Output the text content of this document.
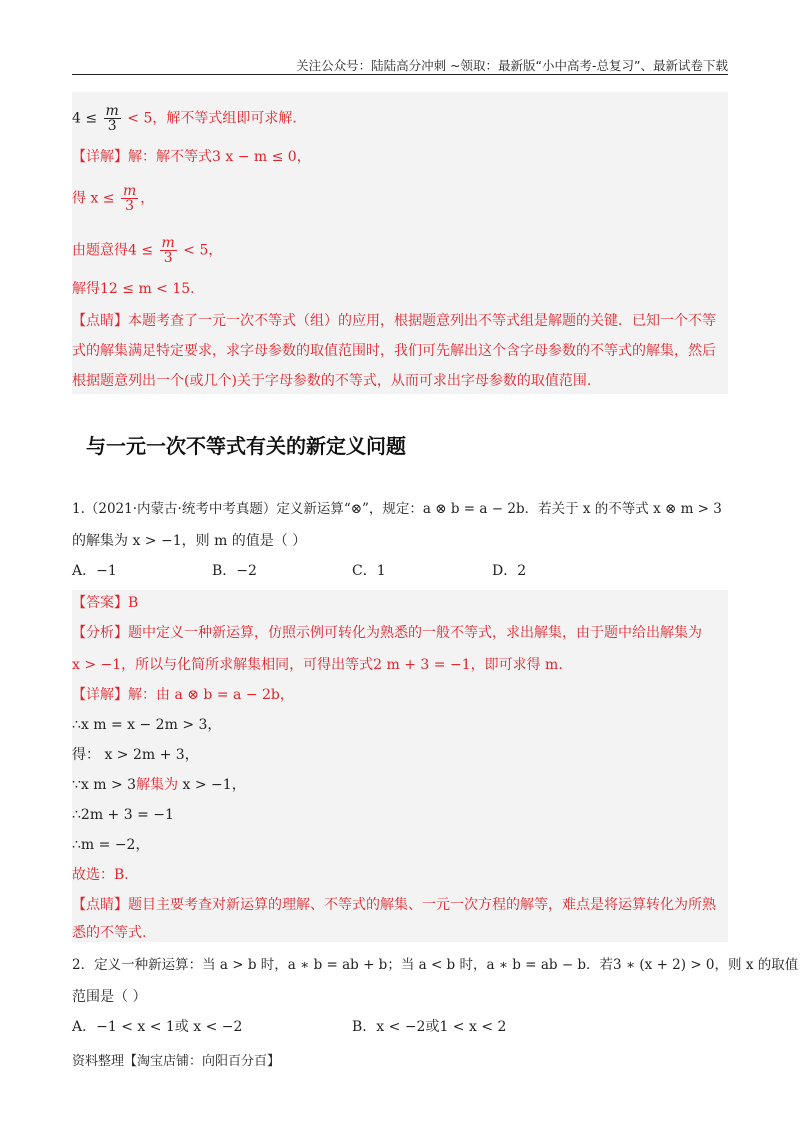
关注公众号：陆陆高分冲刺 ~领取：最新版“小中高考-总复习”、最新试卷下载
$4 \le \frac{m}{3} < 5$，解不等式组即可求解.
【详解】解：解不等式3 x − m ≤ 0，
得 $x \le \frac{m}{3}$ ，
由题意得$4 \le \frac{m}{3} < 5$，
解得12 ≤ m < 15.
【点睛】本题考查了一元一次不等式（组）的应用，根据题意列出不等式组是解题的关键．已知一个不等
式的解集满足特定要求，求字母参数的取值范围时，我们可先解出这个含字母参数的不等式的解集，然后
根据题意列出一个(或几个)关于字母参数的不等式，从而可求出字母参数的取值范围.
与一元一次不等式有关的新定义问题
1.（2021·内蒙古·统考中考真题）定义新运算“⊗”，规定：a ⊗ b = a − 2b．若关于 x 的不等式 x ⊗ m > 3
的解集为 x > −1，则 m 的值是（ ）
A．−1	B．−2	C．1	D．2
【答案】B
【分析】题中定义一种新运算，仿照示例可转化为熟悉的一般不等式，求出解集，由于题中给出解集为
x > −1，所以与化简所求解集相同，可得出等式2 m + 3 = −1，即可求得 m.
【详解】解：由 a ⊗ b = a − 2b，
∴x m = x − 2m > 3，
得： x > 2m + 3，
∵x m > 3解集为 x > −1，
∴2m + 3 = −1
∴m = −2，
故选：B.
【点睛】题目主要考查对新运算的理解、不等式的解集、一元一次方程的解等，难点是将运算转化为所熟
悉的不等式.
2．定义一种新运算：当 a > b 时，a ∗ b = ab + b；当 a < b 时，a ∗ b = ab − b．若3 ∗ (x + 2) > 0，则 x 的取值
范围是（ ）
A．−1 < x < 1或 x < −2	B．x < −2或1 < x < 2
资料整理【淘宝店铺：向阳百分百】
